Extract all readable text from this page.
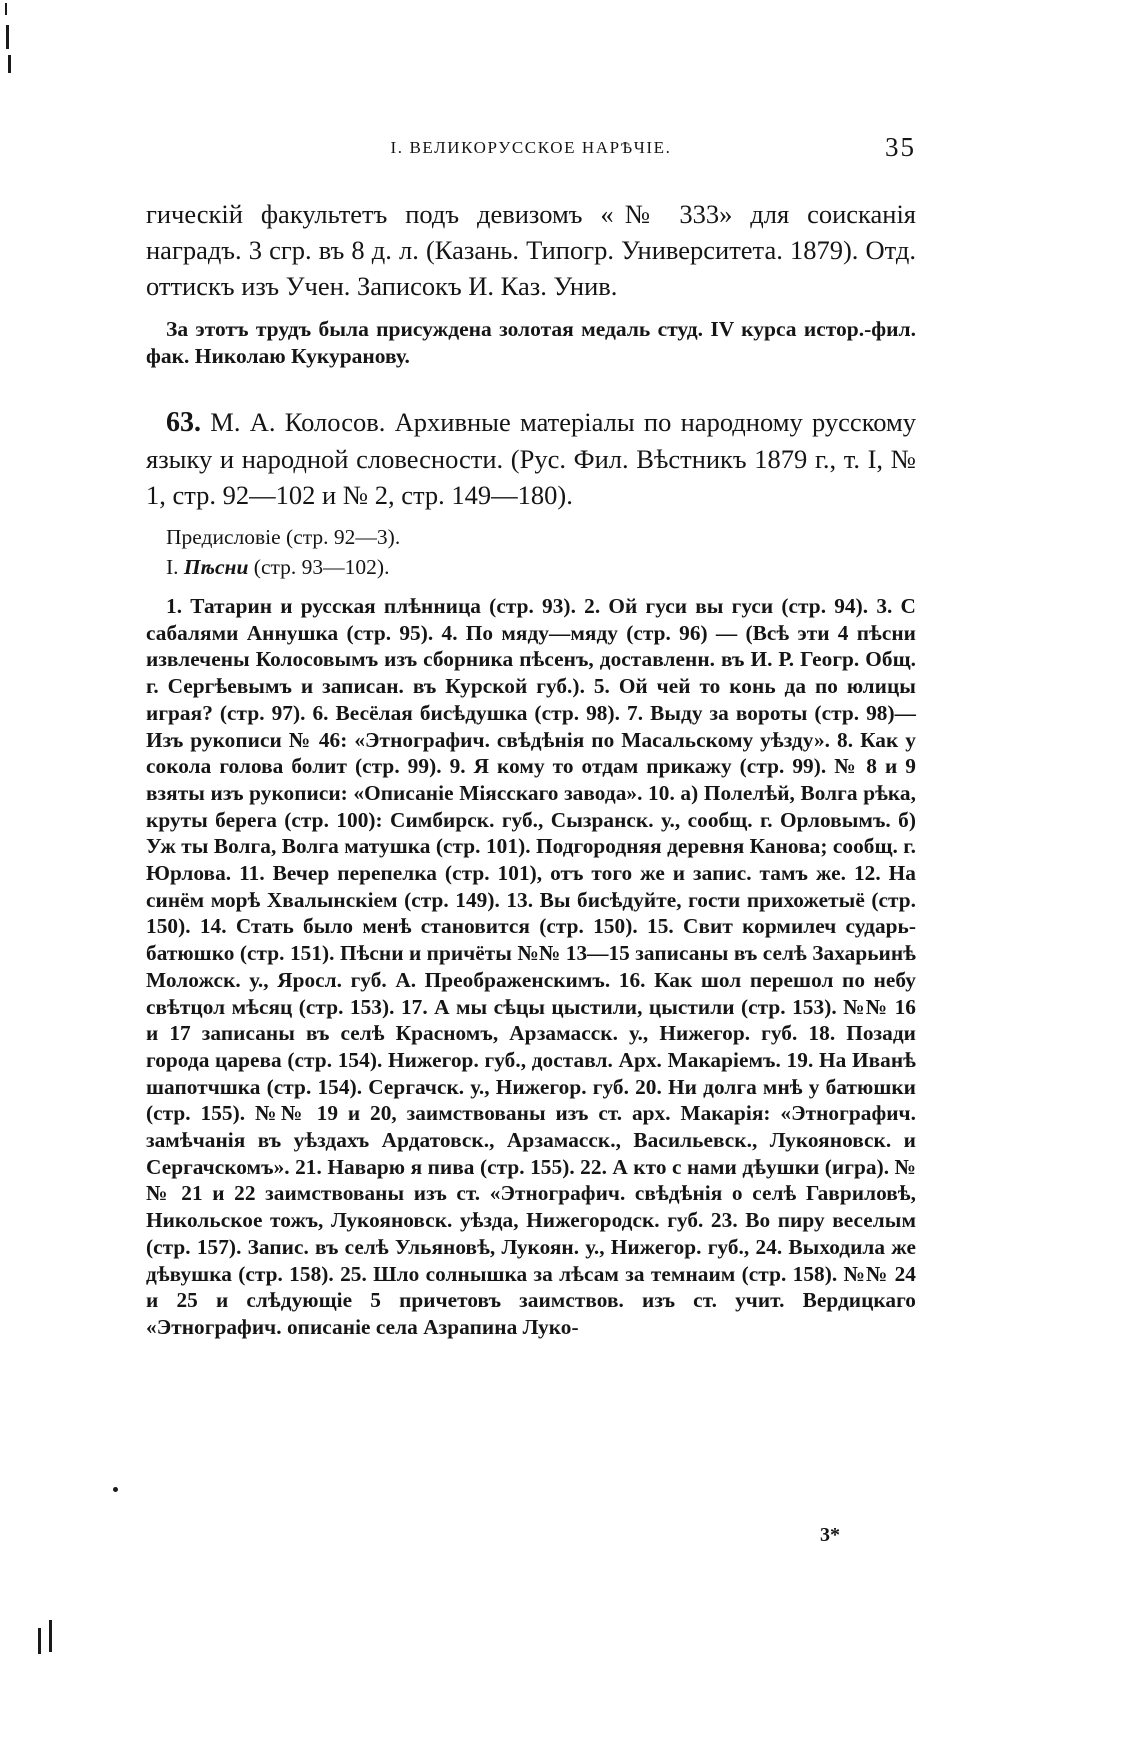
I. ВЕЛИКОРУССКОЕ НАРѢЧІЕ.	35

гическій факультетъ подъ девизомъ «№ 333» для соисканія наградъ. 3 сгр. въ 8 д. л. (Казань. Типогр. Университета. 1879). Отд. оттискъ изъ Учен. Записокъ И. Каз. Унив.

За этотъ трудъ была присуждена золотая медаль студ. IV курса истор.-фил. фак. Николаю Кукуранову.

63. М. А. Колосов. Архивные матеріалы по народному русскому языку и народной словесности. (Рус. Фил. Вѣстникъ 1879 г., т. I, № 1, стр. 92—102 и № 2, стр. 149—180).

Предисловіе (стр. 92—3).

I. Пѣсни (стр. 93—102).

1. Татарин и русская плѣнница (стр. 93). 2. Ой гуси вы гуси (стр. 94). 3. С сабалями Аннушка (стр. 95). 4. По мяду—мяду (стр. 96) — (Всѣ эти 4 пѣсни извлечены Колосовымъ изъ сборника пѣсенъ, доставленн. въ И. Р. Геогр. Общ. г. Сергѣевымъ и записан. въ Курской губ.). 5. Ой чей то конь да по юлицы играя? (стр. 97). 6. Весёлая бисѣдушка (стр. 98). 7. Выду за вороты (стр. 98)—Изъ рукописи № 46: «Этнографич. свѣдѣнія по Масальскому уѣзду». 8. Как у сокола голова болит (стр. 99). 9. Я кому то отдам прикажу (стр. 99). № 8 и 9 взяты изъ рукописи: «Описаніе Міясскаго завода». 10. а) Полелѣй, Волга рѣка, круты берега (стр. 100): Симбирск. губ., Сызранск. у., сообщ. г. Орловымъ. б) Уж ты Волга, Волга матушка (стр. 101). Подгородняя деревня Канова; сообщ. г. Юрлова. 11. Вечер перепелка (стр. 101), отъ того же и запис. тамъ же. 12. На синём морѣ Хвалынскіем (стр. 149). 13. Вы бисѣдуйте, гости прихожетыё (стр. 150). 14. Стать было менѣ становится (стр. 150). 15. Свит кормилеч сударь-батюшко (стр. 151). Пѣсни и причёты №№ 13—15 записаны въ селѣ Захарьинѣ Моложск. у., Яросл. губ. А. Преображенскимъ. 16. Как шол перешол по небу свѣтцол мѣсяц (стр. 153). 17. А мы сѣцы цыстили, цыстили (стр. 153). №№ 16 и 17 записаны въ селѣ Красномъ, Арзамасск. у., Нижегор. губ. 18. Позади города царева (стр. 154). Нижегор. губ., доставл. Арх. Макаріемъ. 19. На Иванѣ шапотчшка (стр. 154). Сергачск. у., Нижегор. губ. 20. Ни долга мнѣ у батюшки (стр. 155). №№ 19 и 20, заимствованы изъ ст. арх. Макарія: «Этнографич. замѣчанія въ уѣздахъ Ардатовск., Арзамасск., Васильевск., Лукояновск. и Сергачскомъ». 21. Наварю я пива (стр. 155). 22. А кто с нами дѣушки (игра). №№ 21 и 22 заимствованы изъ ст. «Этнографич. свѣдѣнія о селѣ Гавриловѣ, Никольское тожъ, Лукояновск. уѣзда, Нижегородск. губ. 23. Во пиру веселым (стр. 157). Запис. въ селѣ Ульяновѣ, Лукоян. у., Нижегор. губ., 24. Выходила же дѣвушка (стр. 158). 25. Шло солнышка за лѣсам за темнаим (стр. 158). №№ 24 и 25 и слѣдующіе 5 причетовъ заимствов. изъ ст. учит. Вердицкаго «Этнографич. описаніе села Азрапина Луко-

3*
